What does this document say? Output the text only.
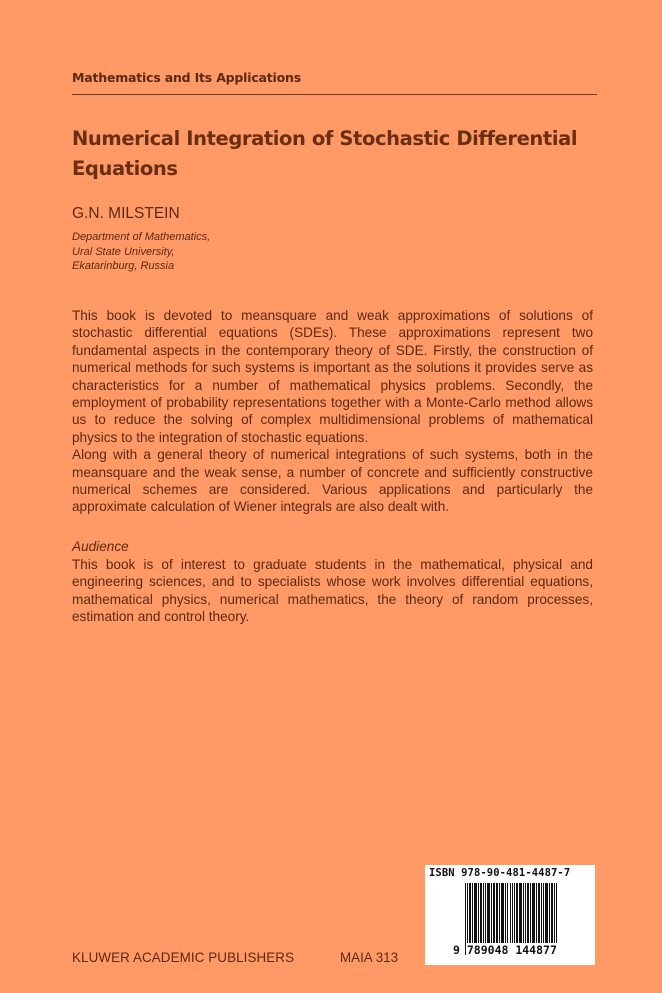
Mathematics and Its Applications
Numerical Integration of Stochastic Differential
Equations
G.N. MILSTEIN
Department of Mathematics,
Ural State University,
Ekatarinburg, Russia

This book is devoted to meansquare and weak approximations of solutions of stochastic differential equations (SDEs). These approximations represent two fundamental aspects in the contemporary theory of SDE. Firstly, the construction of numerical methods for such systems is important as the solutions it provides serve as characteristics for a number of mathematical physics problems. Secondly, the employment of probability representations together with a Monte-Carlo method allows us to reduce the solving of complex multidimensional problems of mathematical physics to the integration of stochastic equations.

Along with a general theory of numerical integrations of such systems, both in the meansquare and the weak sense, a number of concrete and sufficiently constructive numerical schemes are considered. Various applications and particularly the approximate calculation of Wiener integrals are also dealt with.

Audience

This book is of interest to graduate students in the mathematical, physical and engineering sciences, and to specialists whose work involves differential equations, mathematical physics, numerical mathematics, the theory of random processes, estimation and control theory.

KLUWER ACADEMIC PUBLISHERS	MAIA 313
ISBN 978-90-481-4487-7
9 789048 144877
